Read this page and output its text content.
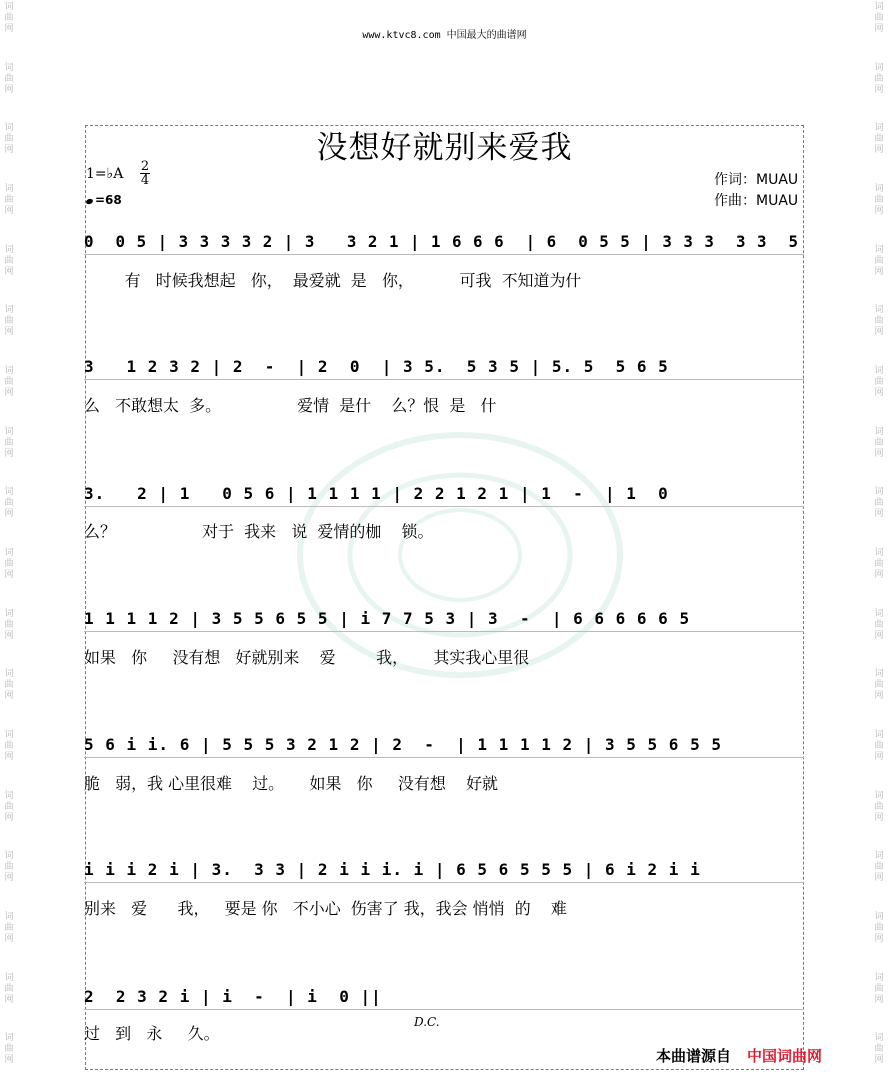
词
曲
网
词
曲
网
词
曲
网
词
曲
网
词
曲
网
词
曲
网
词
曲
网
词
曲
网
词
曲
网
词
曲
网
词
曲
网
词
曲
网
词
曲
网
词
曲
网
词
曲
网
词
曲
网
词
曲
网
词
曲
网
词
曲
网
词
曲
网
词
曲
网
词
曲
网
词
曲
网
词
曲
网
词
曲
网
词
曲
网
词
曲
网
词
曲
网
词
曲
网
词
曲
网
词
曲
网
词
曲
网
词
曲
网
词
曲
网
词
曲
网
词
曲
网
www.ktvc8.com 中国最大的曲谱网
没想好就别来爱我
1=♭A 2
4
=68
作词：MUAU
作曲：MUAU
0  0 5 | 3 3 3 3 2 | 3   3 2 1 | 1 6 6 6  | 6  0 5 5 | 3 3 3  3 3  5
有   时候我想起   你，  最爱就  是   你，         可我  不知道为什
3   1 2 3 2 | 2  -  | 2  0  | 3 5.  5 3 5 | 5. 5  5 6 5
么   不敢想太  多。               爱情  是什    么？恨  是   什
3.   2 | 1   0 5 6 | 1 1 1 1 | 2 2 1 2 1 | 1  -  | 1  0
么？                 对于  我来   说  爱情的枷    锁。
1 1 1 1 2 | 3 5 5 6 5 5 | i 7 7 5 3 | 3  -  | 6 6 6 6 6 5
如果   你     没有想   好就别来    爱        我，     其实我心里很
5 6 i i. 6 | 5 5 5 3 2 1 2 | 2  -  | 1 1 1 1 2 | 3 5 5 6 5 5
脆   弱，我 心里很难    过。     如果   你     没有想    好就
i i i 2 i | 3.  3 3 | 2 i i i. i | 6 5 6 5 5 5 | 6 i 2 i i
别来   爱      我，   要是 你   不小心  伤害了 我，我会 悄悄  的    难
2  2 3 2 i | i  -  | i  0 ||
过   到   永     久。
D.C.
本曲谱源自 中国词曲网
